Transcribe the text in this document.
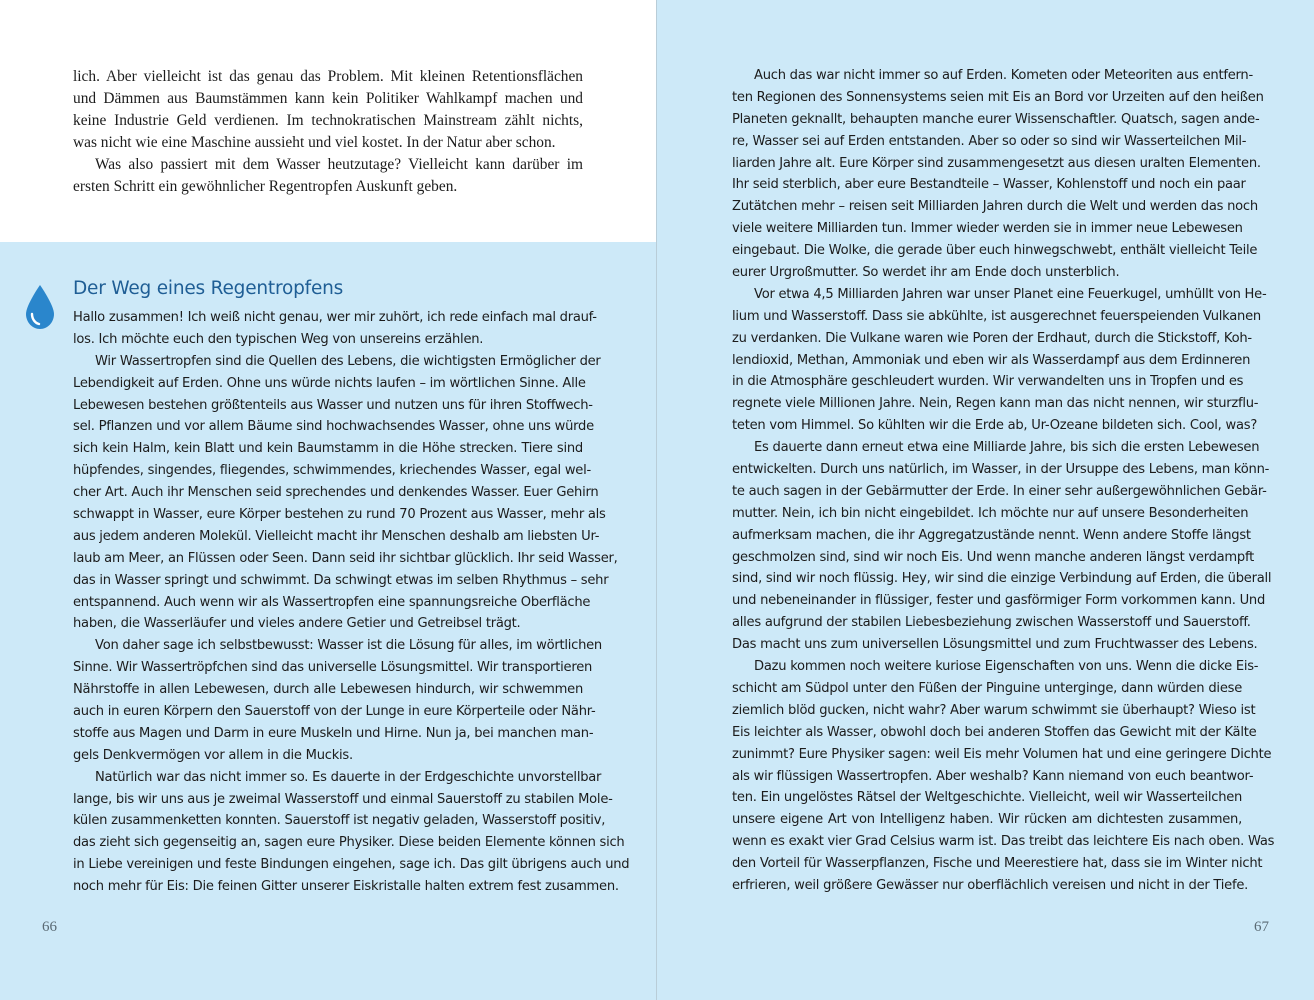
lich. Aber vielleicht ist das genau das Problem. Mit kleinen Retentionsflächen
und Dämmen aus Baumstämmen kann kein Politiker Wahlkampf machen und
keine Industrie Geld verdienen. Im technokratischen Mainstream zählt nichts,
was nicht wie eine Maschine aussieht und viel kostet. In der Natur aber schon.
Was also passiert mit dem Wasser heutzutage? Vielleicht kann darüber im
ersten Schritt ein gewöhnlicher Regentropfen Auskunft geben.
Der Weg eines Regentropfens
Hallo zusammen! Ich weiß nicht genau, wer mir zuhört, ich rede einfach mal drauf-
los. Ich möchte euch den typischen Weg von unsereins erzählen.
Wir Wassertropfen sind die Quellen des Lebens, die wichtigsten Ermöglicher der
Lebendigkeit auf Erden. Ohne uns würde nichts laufen – im wörtlichen Sinne. Alle
Lebewesen bestehen größtenteils aus Wasser und nutzen uns für ihren Stoffwech-
sel. Pflanzen und vor allem Bäume sind hochwachsendes Wasser, ohne uns würde
sich kein Halm, kein Blatt und kein Baumstamm in die Höhe strecken. Tiere sind
hüpfendes, singendes, fliegendes, schwimmendes, kriechendes Wasser, egal wel-
cher Art. Auch ihr Menschen seid sprechendes und denkendes Wasser. Euer Gehirn
schwappt in Wasser, eure Körper bestehen zu rund 70 Prozent aus Wasser, mehr als
aus jedem anderen Molekül. Vielleicht macht ihr Menschen deshalb am liebsten Ur-
laub am Meer, an Flüssen oder Seen. Dann seid ihr sichtbar glücklich. Ihr seid Wasser,
das in Wasser springt und schwimmt. Da schwingt etwas im selben Rhythmus – sehr
entspannend. Auch wenn wir als Wassertropfen eine spannungsreiche Oberfläche
haben, die Wasserläufer und vieles andere Getier und Getreibsel trägt.
Von daher sage ich selbstbewusst: Wasser ist die Lösung für alles, im wörtlichen
Sinne. Wir Wassertröpfchen sind das universelle Lösungsmittel. Wir transportieren
Nährstoffe in allen Lebewesen, durch alle Lebewesen hindurch, wir schwemmen
auch in euren Körpern den Sauerstoff von der Lunge in eure Körperteile oder Nähr-
stoffe aus Magen und Darm in eure Muskeln und Hirne. Nun ja, bei manchen man-
gels Denkvermögen vor allem in die Muckis.
Natürlich war das nicht immer so. Es dauerte in der Erdgeschichte unvorstellbar
lange, bis wir uns aus je zweimal Wasserstoff und einmal Sauerstoff zu stabilen Mole-
külen zusammenketten konnten. Sauerstoff ist negativ geladen, Wasserstoff positiv,
das zieht sich gegenseitig an, sagen eure Physiker. Diese beiden Elemente können sich
in Liebe vereinigen und feste Bindungen eingehen, sage ich. Das gilt übrigens auch und
noch mehr für Eis: Die feinen Gitter unserer Eiskristalle halten extrem fest zusammen.
66
Auch das war nicht immer so auf Erden. Kometen oder Meteoriten aus entfern-
ten Regionen des Sonnensystems seien mit Eis an Bord vor Urzeiten auf den heißen
Planeten geknallt, behaupten manche eurer Wissenschaftler. Quatsch, sagen ande-
re, Wasser sei auf Erden entstanden. Aber so oder so sind wir Wasserteilchen Mil-
liarden Jahre alt. Eure Körper sind zusammengesetzt aus diesen uralten Elementen.
Ihr seid sterblich, aber eure Bestandteile – Wasser, Kohlenstoff und noch ein paar
Zutätchen mehr – reisen seit Milliarden Jahren durch die Welt und werden das noch
viele weitere Milliarden tun. Immer wieder werden sie in immer neue Lebewesen
eingebaut. Die Wolke, die gerade über euch hinwegschwebt, enthält vielleicht Teile
eurer Urgroßmutter. So werdet ihr am Ende doch unsterblich.
Vor etwa 4,5 Milliarden Jahren war unser Planet eine Feuerkugel, umhüllt von He-
lium und Wasserstoff. Dass sie abkühlte, ist ausgerechnet feuerspeienden Vulkanen
zu verdanken. Die Vulkane waren wie Poren der Erdhaut, durch die Stickstoff, Koh-
lendioxid, Methan, Ammoniak und eben wir als Wasserdampf aus dem Erdinneren
in die Atmosphäre geschleudert wurden. Wir verwandelten uns in Tropfen und es
regnete viele Millionen Jahre. Nein, Regen kann man das nicht nennen, wir sturzflu-
teten vom Himmel. So kühlten wir die Erde ab, Ur-Ozeane bildeten sich. Cool, was?
Es dauerte dann erneut etwa eine Milliarde Jahre, bis sich die ersten Lebewesen
entwickelten. Durch uns natürlich, im Wasser, in der Ursuppe des Lebens, man könn-
te auch sagen in der Gebärmutter der Erde. In einer sehr außergewöhnlichen Gebär-
mutter. Nein, ich bin nicht eingebildet. Ich möchte nur auf unsere Besonderheiten
aufmerksam machen, die ihr Aggregatzustände nennt. Wenn andere Stoffe längst
geschmolzen sind, sind wir noch Eis. Und wenn manche anderen längst verdampft
sind, sind wir noch flüssig. Hey, wir sind die einzige Verbindung auf Erden, die überall
und nebeneinander in flüssiger, fester und gasförmiger Form vorkommen kann. Und
alles aufgrund der stabilen Liebesbeziehung zwischen Wasserstoff und Sauerstoff.
Das macht uns zum universellen Lösungsmittel und zum Fruchtwasser des Lebens.
Dazu kommen noch weitere kuriose Eigenschaften von uns. Wenn die dicke Eis-
schicht am Südpol unter den Füßen der Pinguine unterginge, dann würden diese
ziemlich blöd gucken, nicht wahr? Aber warum schwimmt sie überhaupt? Wieso ist
Eis leichter als Wasser, obwohl doch bei anderen Stoffen das Gewicht mit der Kälte
zunimmt? Eure Physiker sagen: weil Eis mehr Volumen hat und eine geringere Dichte
als wir flüssigen Wassertropfen. Aber weshalb? Kann niemand von euch beantwor-
ten. Ein ungelöstes Rätsel der Weltgeschichte. Vielleicht, weil wir Wasserteilchen
unsere eigene Art von Intelligenz haben. Wir rücken am dichtesten zusammen,
wenn es exakt vier Grad Celsius warm ist. Das treibt das leichtere Eis nach oben. Was
den Vorteil für Wasserpflanzen, Fische und Meerestiere hat, dass sie im Winter nicht
erfrieren, weil größere Gewässer nur oberflächlich vereisen und nicht in der Tiefe.
67
